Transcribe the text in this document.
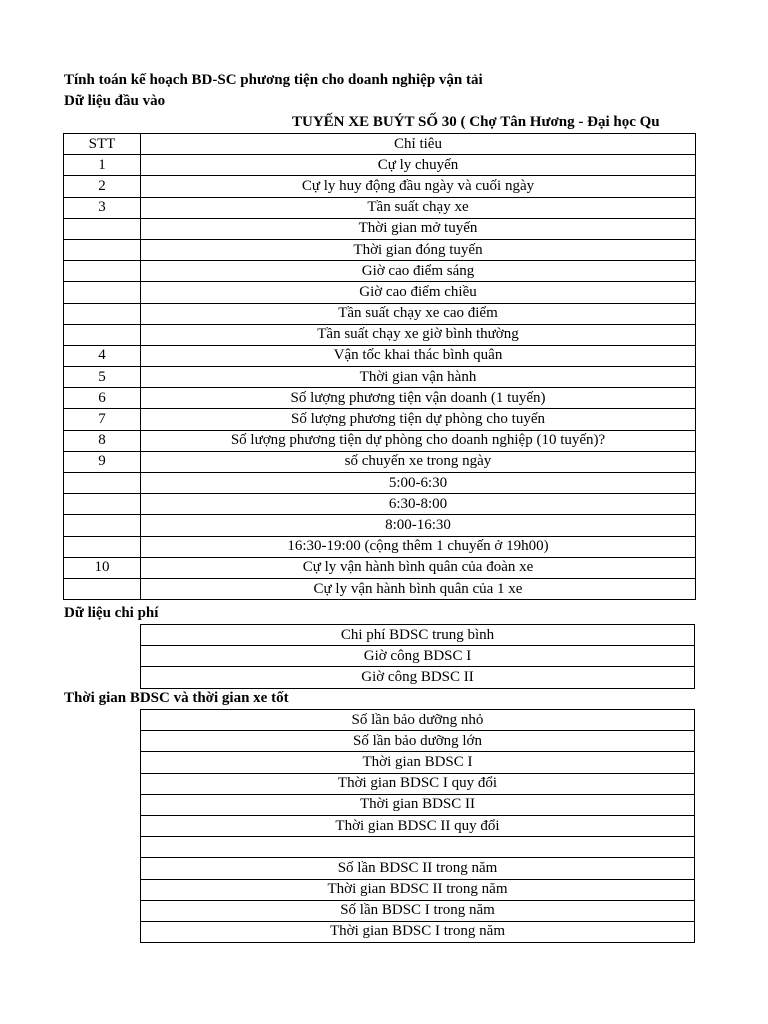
Tính toán kế hoạch BD-SC phương tiện cho doanh nghiệp vận tải
Dữ liệu đầu vào
TUYẾN XE BUÝT SỐ 30 ( Chợ Tân Hương - Đại học Qu
STT	Chỉ tiêu
1	Cự ly chuyến
2	Cự ly huy động đầu ngày và cuối ngày
3	Tần suất chạy xe
	Thời gian mở tuyến
	Thời gian đóng tuyến
	Giờ cao điểm sáng
	Giờ cao điểm chiều
	Tần suất chạy xe cao điểm
	Tần suất chạy xe giờ bình thường
4	Vận tốc khai thác bình quân
5	Thời gian vận hành
6	Số lượng phương tiện vận doanh (1 tuyến)
7	Số lượng phương tiện dự phòng cho tuyến
8	Số lượng phương tiện dự phòng cho doanh nghiệp (10 tuyến)?
9	số chuyến xe trong ngày
	5:00-6:30
	6:30-8:00
	8:00-16:30
	16:30-19:00 (cộng thêm 1 chuyến ở 19h00)
10	Cự ly vận hành bình quân của đoàn xe
	Cự ly vận hành bình quân của 1 xe
Dữ liệu chi phí
Chi phí BDSC trung bình
Giờ công BDSC I
Giờ công BDSC II
Thời gian BDSC và thời gian xe tốt
Số lần bảo dưỡng nhỏ
Số lần bảo dưỡng lớn
Thời gian BDSC I
Thời gian BDSC I quy đổi
Thời gian BDSC II
Thời gian BDSC II quy đổi

Số lần BDSC II trong năm
Thời gian BDSC II trong năm
Số lần BDSC I trong năm
Thời gian BDSC I trong năm
